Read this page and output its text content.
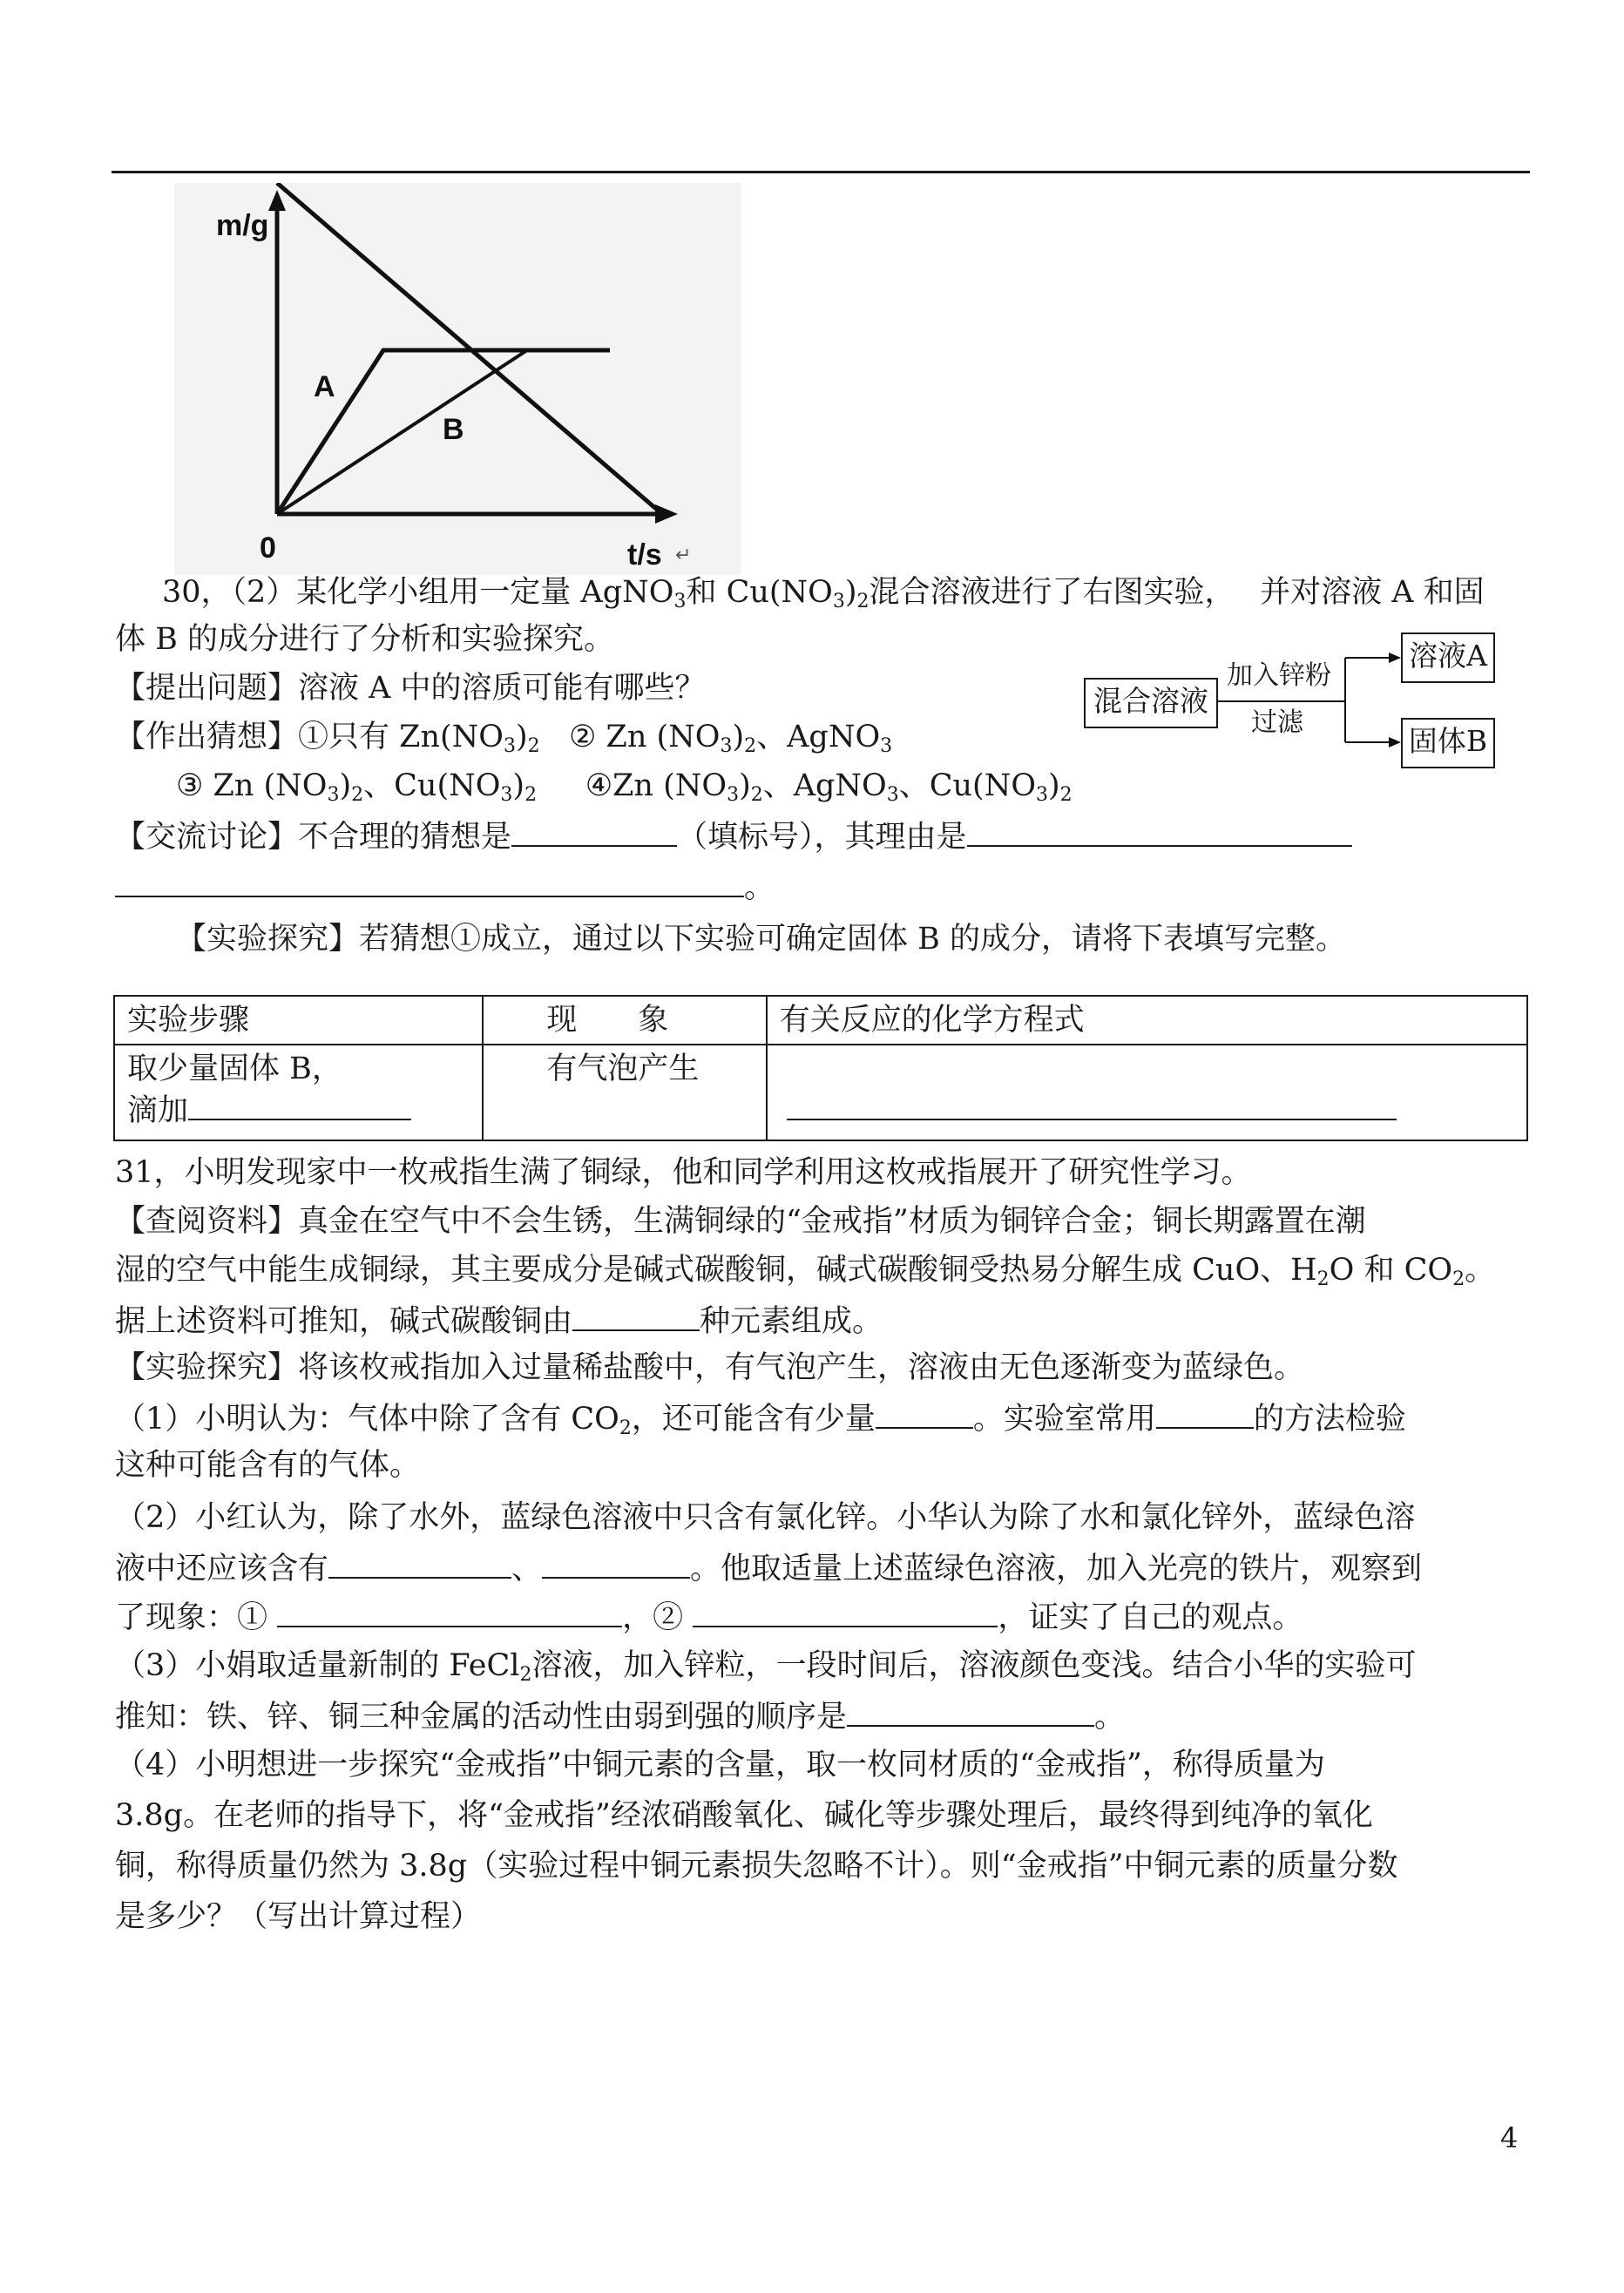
m/g
0	t/s ↵
A
B
混合溶液
加入锌粉
过滤
溶液A
固体B
30，（2）某化学小组用一定量 AgNO$_3$和 $Cu(NO_3)_2$混合溶液进行了右图实验，　 并对溶液 A 和固
体 B 的成分进行了分析和实验探究。
【提出问题】溶液 A 中的溶质可能有哪些？
【作出猜想】①只有 $Zn(NO_3)_2$ ② Zn $(NO_3)_2$、AgNO$_3$
③ Zn $(NO_3)_2$、$Cu(NO_3)_2$ ④Zn $(NO_3)_2$、AgNO$_3$、$Cu(NO_3)_2$
【交流讨论】不合理的猜想是	（填标号），其理由是
。
【实验探究】若猜想①成立，通过以下实验可确定固体 B 的成分，请将下表填写完整。
实验步骤	现　　象	有关反应的化学方程式

取少量固体 B，
滴加	有气泡产生	
31，小明发现家中一枚戒指生满了铜绿，他和同学利用这枚戒指展开了研究性学习。
【查阅资料】真金在空气中不会生锈，生满铜绿的“金戒指”材质为铜锌合金；铜长期露置在潮
湿的空气中能生成铜绿，其主要成分是碱式碳酸铜，碱式碳酸铜受热易分解生成 CuO、$H_2O$ 和 $CO_2$。
据上述资料可推知，碱式碳酸铜由	种元素组成。
【实验探究】将该枚戒指加入过量稀盐酸中，有气泡产生，溶液由无色逐渐变为蓝绿色。
（1）小明认为：气体中除了含有 $CO_2$，还可能含有少量	。实验室常用	的方法检验
这种可能含有的气体。
（2）小红认为，除了水外，蓝绿色溶液中只含有氯化锌。小华认为除了水和氯化锌外，蓝绿色溶
液中还应该含有	、	。他取适量上述蓝绿色溶液，加入光亮的铁片，观察到
了现象：①	，②	，证实了自己的观点。
（3）小娟取适量新制的 FeCl$_2$溶液，加入锌粒，一段时间后，溶液颜色变浅。结合小华的实验可
推知：铁、锌、铜三种金属的活动性由弱到强的顺序是	。
（4）小明想进一步探究“金戒指”中铜元素的含量，取一枚同材质的“金戒指”，称得质量为
3.8g。在老师的指导下，将“金戒指”经浓硝酸氧化、碱化等步骤处理后，最终得到纯净的氧化
铜，称得质量仍然为 3.8g（实验过程中铜元素损失忽略不计）。则“金戒指”中铜元素的质量分数
是多少？（写出计算过程）
4
